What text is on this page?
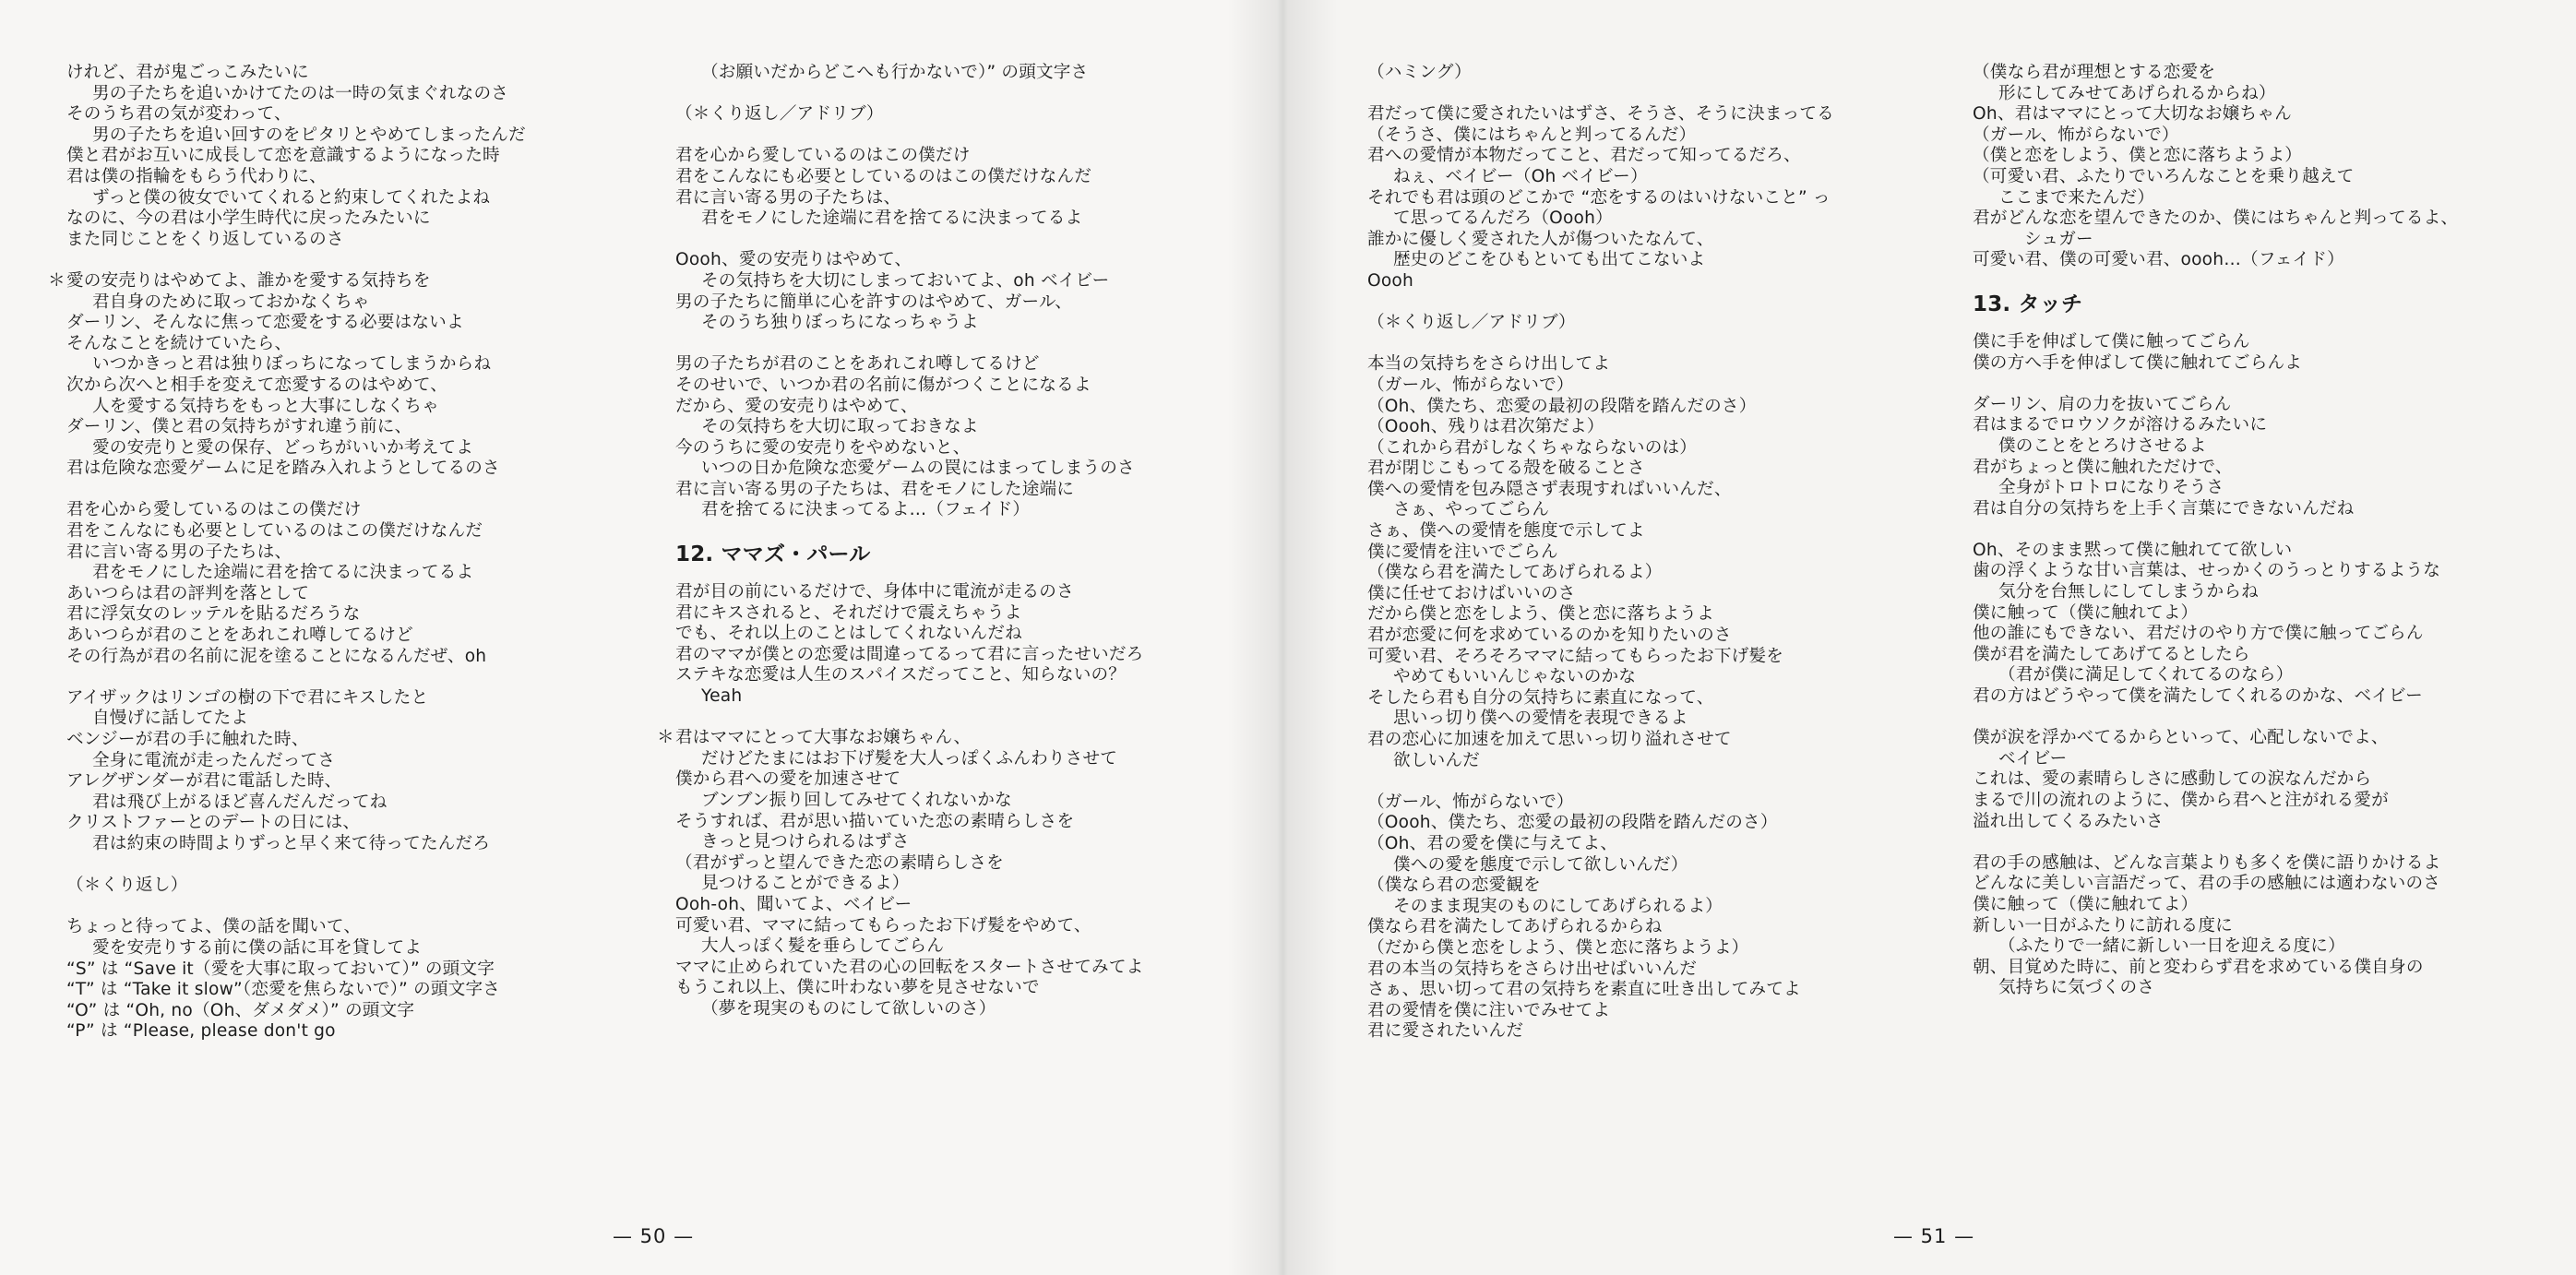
けれど、君が鬼ごっこみたいに
男の子たちを追いかけてたのは一時の気まぐれなのさ
そのうち君の気が変わって、
男の子たちを追い回すのをピタリとやめてしまったんだ
僕と君がお互いに成長して恋を意識するようになった時
君は僕の指輪をもらう代わりに、
ずっと僕の彼女でいてくれると約束してくれたよね
なのに、今の君は小学生時代に戻ったみたいに
また同じことをくり返しているのさ
＊ 愛の安売りはやめてよ、誰かを愛する気持ちを
君自身のために取っておかなくちゃ
ダーリン、そんなに焦って恋愛をする必要はないよ
そんなことを続けていたら、
いつかきっと君は独りぼっちになってしまうからね
次から次へと相手を変えて恋愛するのはやめて、
人を愛する気持ちをもっと大事にしなくちゃ
ダーリン、僕と君の気持ちがすれ違う前に、
愛の安売りと愛の保存、どっちがいいか考えてよ
君は危険な恋愛ゲームに足を踏み入れようとしてるのさ
君を心から愛しているのはこの僕だけ
君をこんなにも必要としているのはこの僕だけなんだ
君に言い寄る男の子たちは、
君をモノにした途端に君を捨てるに決まってるよ
あいつらは君の評判を落として
君に浮気女のレッテルを貼るだろうな
あいつらが君のことをあれこれ噂してるけど
その行為が君の名前に泥を塗ることになるんだぜ、oh
アイザックはリンゴの樹の下で君にキスしたと
自慢げに話してたよ
ベンジーが君の手に触れた時、
全身に電流が走ったんだってさ
アレグザンダーが君に電話した時、
君は飛び上がるほど喜んだんだってね
クリストファーとのデートの日には、
君は約束の時間よりずっと早く来て待ってたんだろ
（＊くり返し）
ちょっと待ってよ、僕の話を聞いて、
愛を安売りする前に僕の話に耳を貸してよ
“S” は “Save it（愛を大事に取っておいて）” の頭文字
“T” は “Take it slow”（恋愛を焦らないで）” の頭文字さ
“O” は “Oh, no（Oh、ダメダメ）” の頭文字
“P” は “Please, please don't go
（お願いだからどこへも行かないで）” の頭文字さ
（＊くり返し／アドリブ）
君を心から愛しているのはこの僕だけ
君をこんなにも必要としているのはこの僕だけなんだ
君に言い寄る男の子たちは、
君をモノにした途端に君を捨てるに決まってるよ
Oooh、愛の安売りはやめて、
その気持ちを大切にしまっておいてよ、oh ベイビー
男の子たちに簡単に心を許すのはやめて、ガール、
そのうち独りぼっちになっちゃうよ
男の子たちが君のことをあれこれ噂してるけど
そのせいで、いつか君の名前に傷がつくことになるよ
だから、愛の安売りはやめて、
その気持ちを大切に取っておきなよ
今のうちに愛の安売りをやめないと、
いつの日か危険な恋愛ゲームの罠にはまってしまうのさ
君に言い寄る男の子たちは、君をモノにした途端に
君を捨てるに決まってるよ…（フェイド）
12. ママズ・パール
君が目の前にいるだけで、身体中に電流が走るのさ
君にキスされると、それだけで震えちゃうよ
でも、それ以上のことはしてくれないんだね
君のママが僕との恋愛は間違ってるって君に言ったせいだろ
ステキな恋愛は人生のスパイスだってこと、知らないの？
Yeah
＊ 君はママにとって大事なお嬢ちゃん、
だけどたまにはお下げ髪を大人っぽくふんわりさせて
僕から君への愛を加速させて
ブンブン振り回してみせてくれないかな
そうすれば、君が思い描いていた恋の素晴らしさを
きっと見つけられるはずさ
（君がずっと望んできた恋の素晴らしさを
見つけることができるよ）
Ooh-oh、聞いてよ、ベイビー
可愛い君、ママに結ってもらったお下げ髪をやめて、
大人っぽく髪を垂らしてごらん
ママに止められていた君の心の回転をスタートさせてみてよ
もうこれ以上、僕に叶わない夢を見させないで
（夢を現実のものにして欲しいのさ）
— 50 —	— 51 —
（ハミング）
君だって僕に愛されたいはずさ、そうさ、そうに決まってる
（そうさ、僕にはちゃんと判ってるんだ）
君への愛情が本物だってこと、君だって知ってるだろ、
ねぇ、ベイビー（Oh ベイビー）
それでも君は頭のどこかで “恋をするのはいけないこと” っ
て思ってるんだろ（Oooh）
誰かに優しく愛された人が傷ついたなんて、
歴史のどこをひもといても出てこないよ
Oooh
（＊くり返し／アドリブ）
本当の気持ちをさらけ出してよ
（ガール、怖がらないで）
（Oh、僕たち、恋愛の最初の段階を踏んだのさ）
（Oooh、残りは君次第だよ）
（これから君がしなくちゃならないのは）
君が閉じこもってる殻を破ることさ
僕への愛情を包み隠さず表現すればいいんだ、
さぁ、やってごらん
さぁ、僕への愛情を態度で示してよ
僕に愛情を注いでごらん
（僕なら君を満たしてあげられるよ）
僕に任せておけばいいのさ
だから僕と恋をしよう、僕と恋に落ちようよ
君が恋愛に何を求めているのかを知りたいのさ
可愛い君、そろそろママに結ってもらったお下げ髪を
やめてもいいんじゃないのかな
そしたら君も自分の気持ちに素直になって、
思いっ切り僕への愛情を表現できるよ
君の恋心に加速を加えて思いっ切り溢れさせて
欲しいんだ
（ガール、怖がらないで）
（Oooh、僕たち、恋愛の最初の段階を踏んだのさ）
（Oh、君の愛を僕に与えてよ、
僕への愛を態度で示して欲しいんだ）
（僕なら君の恋愛観を
そのまま現実のものにしてあげられるよ）
僕なら君を満たしてあげられるからね
（だから僕と恋をしよう、僕と恋に落ちようよ）
君の本当の気持ちをさらけ出せばいいんだ
さぁ、思い切って君の気持ちを素直に吐き出してみてよ
君の愛情を僕に注いでみせてよ
君に愛されたいんだ
（僕なら君が理想とする恋愛を
形にしてみせてあげられるからね）
Oh、君はママにとって大切なお嬢ちゃん
（ガール、怖がらないで）
（僕と恋をしよう、僕と恋に落ちようよ）
（可愛い君、ふたりでいろんなことを乗り越えて
ここまで来たんだ）
君がどんな恋を望んできたのか、僕にはちゃんと判ってるよ、
シュガー
可愛い君、僕の可愛い君、oooh…（フェイド）
13. タッチ
僕に手を伸ばして僕に触ってごらん
僕の方へ手を伸ばして僕に触れてごらんよ
ダーリン、肩の力を抜いてごらん
君はまるでロウソクが溶けるみたいに
僕のことをとろけさせるよ
君がちょっと僕に触れただけで、
全身がトロトロになりそうさ
君は自分の気持ちを上手く言葉にできないんだね
Oh、そのまま黙って僕に触れてて欲しい
歯の浮くような甘い言葉は、せっかくのうっとりするような
気分を台無しにしてしまうからね
僕に触って（僕に触れてよ）
他の誰にもできない、君だけのやり方で僕に触ってごらん
僕が君を満たしてあげてるとしたら
（君が僕に満足してくれてるのなら）
君の方はどうやって僕を満たしてくれるのかな、ベイビー
僕が涙を浮かべてるからといって、心配しないでよ、
ベイビー
これは、愛の素晴らしさに感動しての涙なんだから
まるで川の流れのように、僕から君へと注がれる愛が
溢れ出してくるみたいさ
君の手の感触は、どんな言葉よりも多くを僕に語りかけるよ
どんなに美しい言語だって、君の手の感触には適わないのさ
僕に触って（僕に触れてよ）
新しい一日がふたりに訪れる度に
（ふたりで一緒に新しい一日を迎える度に）
朝、目覚めた時に、前と変わらず君を求めている僕自身の
気持ちに気づくのさ
